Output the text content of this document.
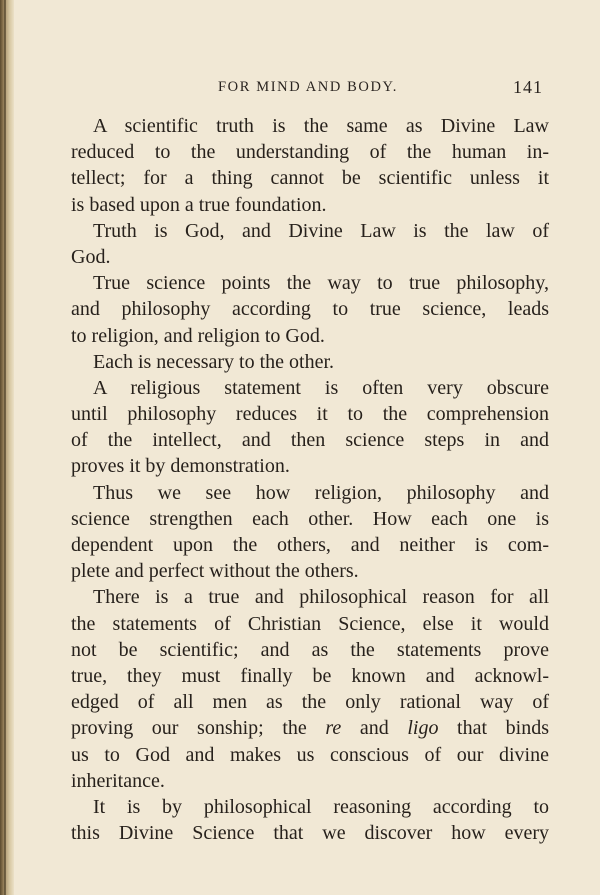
FOR MIND AND BODY.	141
A scientific truth is the same as Divine Law
reduced to the understanding of the human in-
tellect; for a thing cannot be scientific unless it
is based upon a true foundation.
Truth is God, and Divine Law is the law of
God.
True science points the way to true philosophy,
and philosophy according to true science, leads
to religion, and religion to God.
Each is necessary to the other.
A religious statement is often very obscure
until philosophy reduces it to the comprehension
of the intellect, and then science steps in and
proves it by demonstration.
Thus we see how religion, philosophy and
science strengthen each other. How each one is
dependent upon the others, and neither is com-
plete and perfect without the others.
There is a true and philosophical reason for all
the statements of Christian Science, else it would
not be scientific; and as the statements prove
true, they must finally be known and acknowl-
edged of all men as the only rational way of
proving our sonship; the re and ligo that binds
us to God and makes us conscious of our divine
inheritance.
It is by philosophical reasoning according to
this Divine Science that we discover how every
